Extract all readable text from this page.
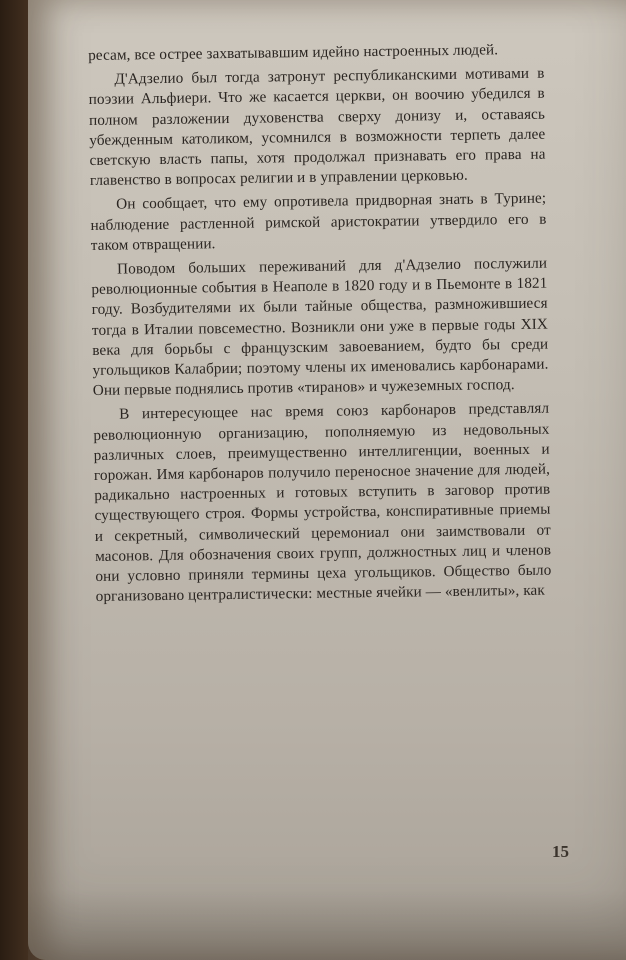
ресам, все острее захватывавшим идейно настроенных людей.

Д'Адзелио был тогда затронут республиканскими мотивами в поэзии Альфиери. Что же касается церкви, он воочию убедился в полном разложении духовенства сверху донизу и, оставаясь убежденным католиком, усомнился в возможности терпеть далее светскую власть папы, хотя продолжал признавать его права на главенство в вопросах религии и в управлении церковью.

Он сообщает, что ему опротивела придворная знать в Турине; наблюдение растленной римской аристократии утвердило его в таком отвращении.

Поводом больших переживаний для д'Адзелио послужили революционные события в Неаполе в 1820 году и в Пьемонте в 1821 году. Возбудителями их были тайные общества, размножившиеся тогда в Италии повсеместно. Возникли они уже в первые годы XIX века для борьбы с французским завоеванием, будто бы среди угольщиков Калабрии; поэтому члены их именовались карбонарами. Они первые поднялись против «тиранов» и чужеземных господ.

В интересующее нас время союз карбонаров представлял революционную организацию, пополняемую из недовольных различных слоев, преимущественно интеллигенции, военных и горожан. Имя карбонаров получило переносное значение для людей, радикально настроенных и готовых вступить в заговор против существующего строя. Формы устройства, конспиративные приемы и секретный, символический церемониал они заимствовали от масонов. Для обозначения своих групп, должностных лиц и членов они условно приняли термины цеха угольщиков. Общество было организовано централистически: местные ячейки — «венлиты», как

15
